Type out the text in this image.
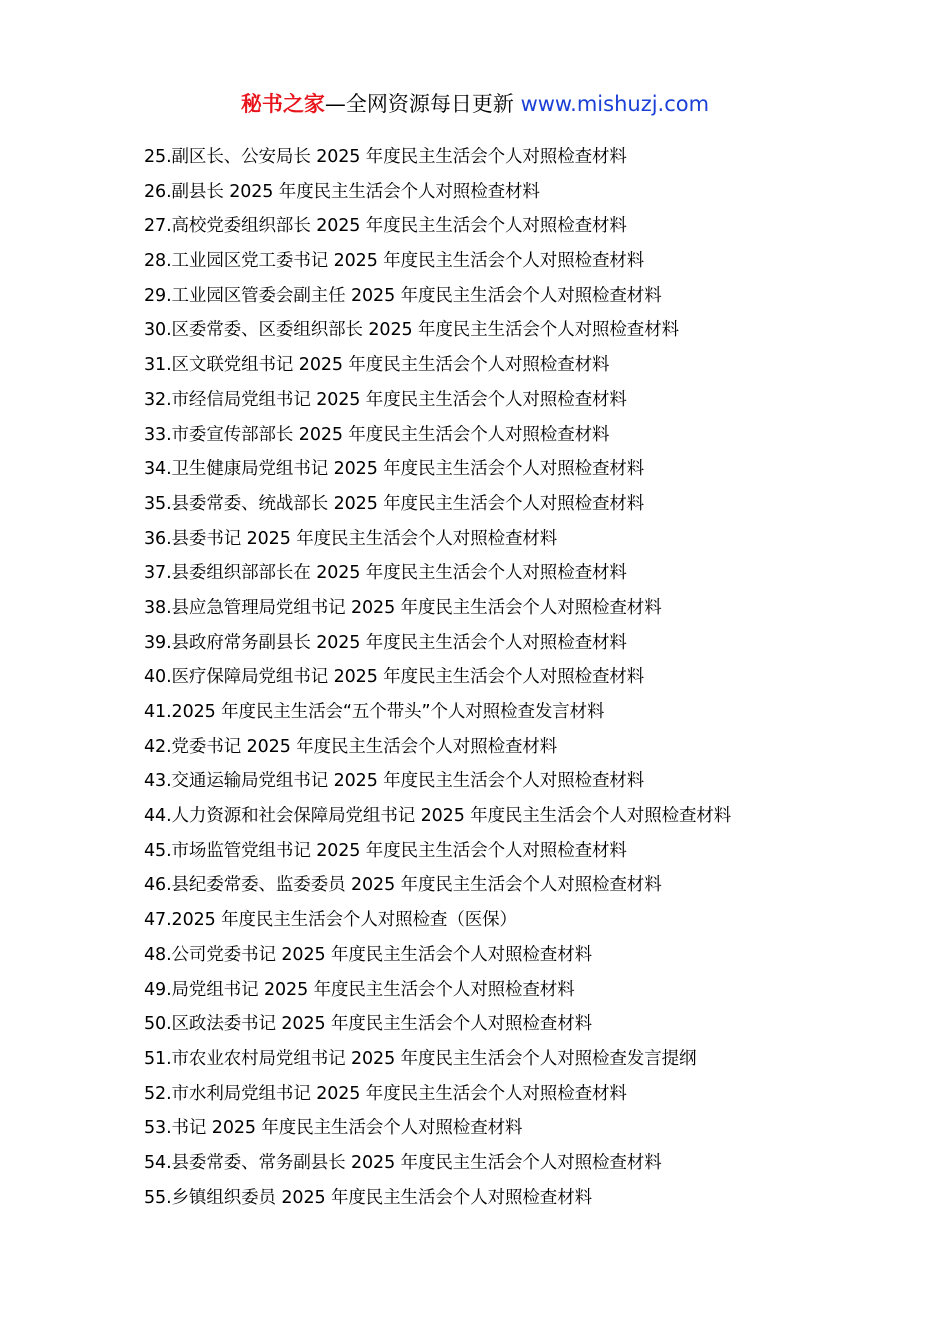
秘书之家—全网资源每日更新 www.mishuzj.com
25.副区长、公安局长 2025 年度民主生活会个人对照检查材料
26.副县长 2025 年度民主生活会个人对照检查材料
27.高校党委组织部长 2025 年度民主生活会个人对照检查材料
28.工业园区党工委书记 2025 年度民主生活会个人对照检查材料
29.工业园区管委会副主任 2025 年度民主生活会个人对照检查材料
30.区委常委、区委组织部长 2025 年度民主生活会个人对照检查材料
31.区文联党组书记 2025 年度民主生活会个人对照检查材料
32.市经信局党组书记 2025 年度民主生活会个人对照检查材料
33.市委宣传部部长 2025 年度民主生活会个人对照检查材料
34.卫生健康局党组书记 2025 年度民主生活会个人对照检查材料
35.县委常委、统战部长 2025 年度民主生活会个人对照检查材料
36.县委书记 2025 年度民主生活会个人对照检查材料
37.县委组织部部长在 2025 年度民主生活会个人对照检查材料
38.县应急管理局党组书记 2025 年度民主生活会个人对照检查材料
39.县政府常务副县长 2025 年度民主生活会个人对照检查材料
40.医疗保障局党组书记 2025 年度民主生活会个人对照检查材料
41.2025 年度民主生活会“五个带头”个人对照检查发言材料
42.党委书记 2025 年度民主生活会个人对照检查材料
43.交通运输局党组书记 2025 年度民主生活会个人对照检查材料
44.人力资源和社会保障局党组书记 2025 年度民主生活会个人对照检查材料
45.市场监管党组书记 2025 年度民主生活会个人对照检查材料
46.县纪委常委、监委委员 2025 年度民主生活会个人对照检查材料
47.2025 年度民主生活会个人对照检查（医保）
48.公司党委书记 2025 年度民主生活会个人对照检查材料
49.局党组书记 2025 年度民主生活会个人对照检查材料
50.区政法委书记 2025 年度民主生活会个人对照检查材料
51.市农业农村局党组书记 2025 年度民主生活会个人对照检查发言提纲
52.市水利局党组书记 2025 年度民主生活会个人对照检查材料
53.书记 2025 年度民主生活会个人对照检查材料
54.县委常委、常务副县长 2025 年度民主生活会个人对照检查材料
55.乡镇组织委员 2025 年度民主生活会个人对照检查材料
